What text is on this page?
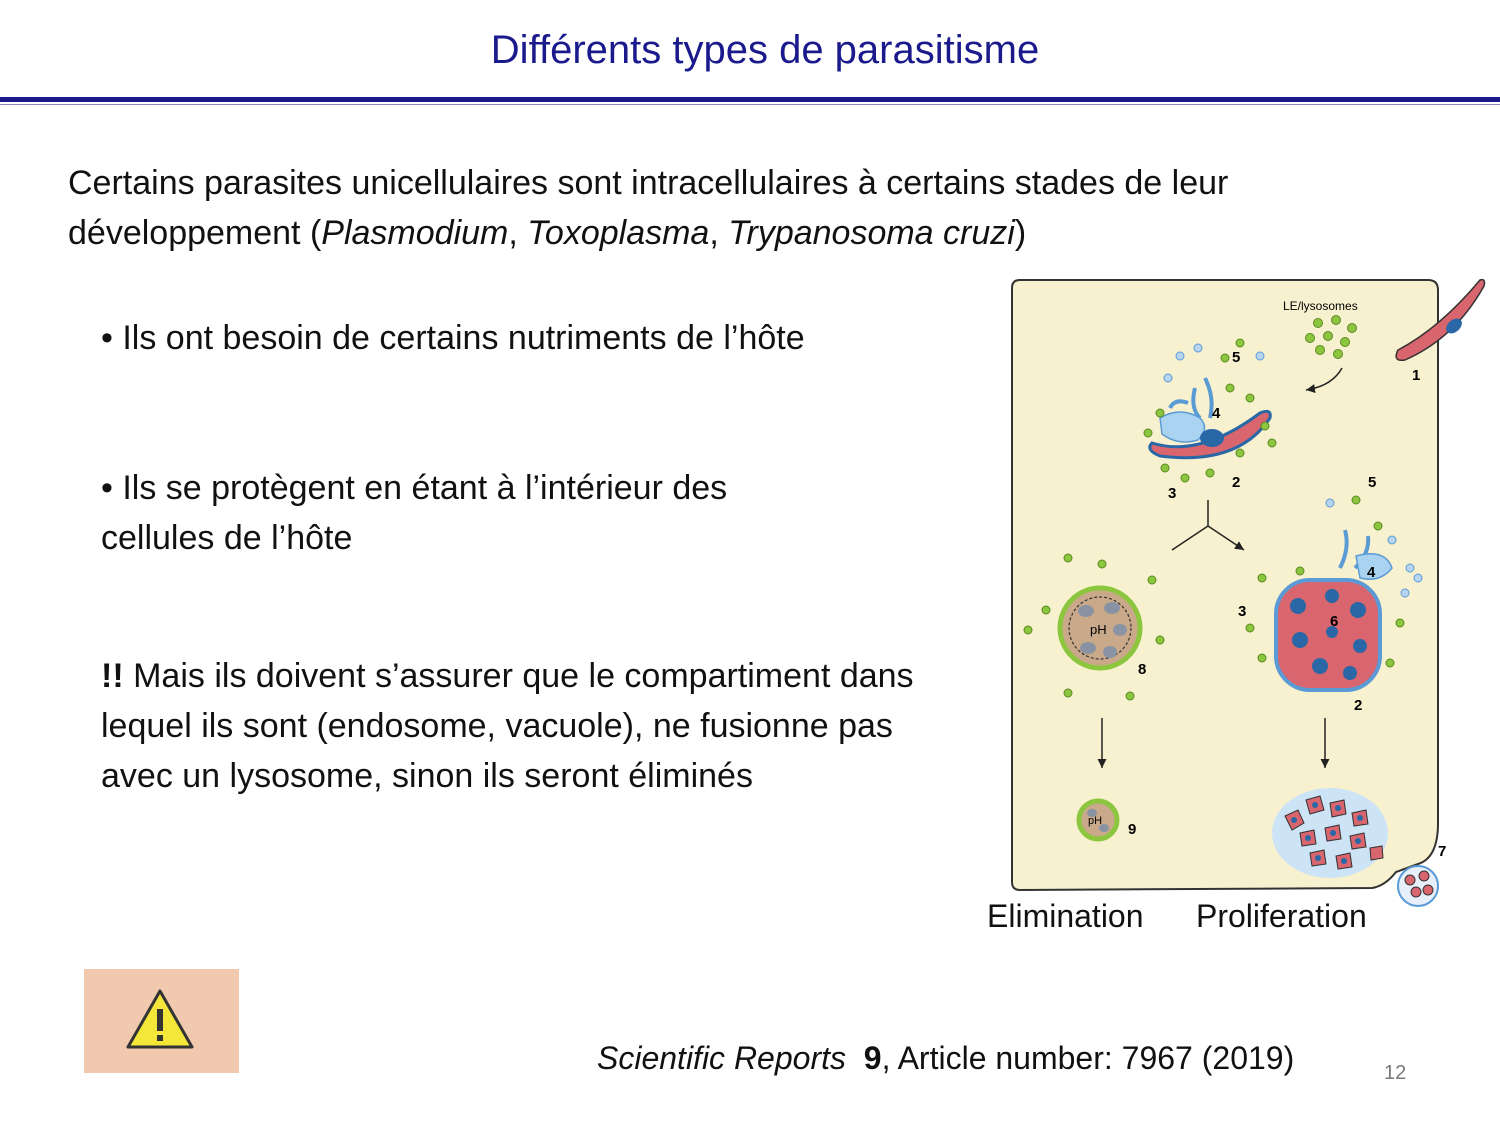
Différents types de parasitisme
Certains parasites unicellulaires sont intracellulaires à certains stades de leur
développement (Plasmodium, Toxoplasma, Trypanosoma cruzi)
• Ils ont besoin de certains nutriments de l’hôte
• Ils se protègent en étant à l’intérieur des cellules de l’hôte
!! Mais ils doivent s’assurer que le compartiment dans lequel ils sont (endosome, vacuole), ne fusionne pas avec un lysosome, sinon ils seront éliminés
1
LE/lysosomes
5
4
2
3
pH
8
6
4
5
3
2
pH 9
7
Elimination Proliferation
Scientific Reports 9, Article number: 7967 (2019)	12
